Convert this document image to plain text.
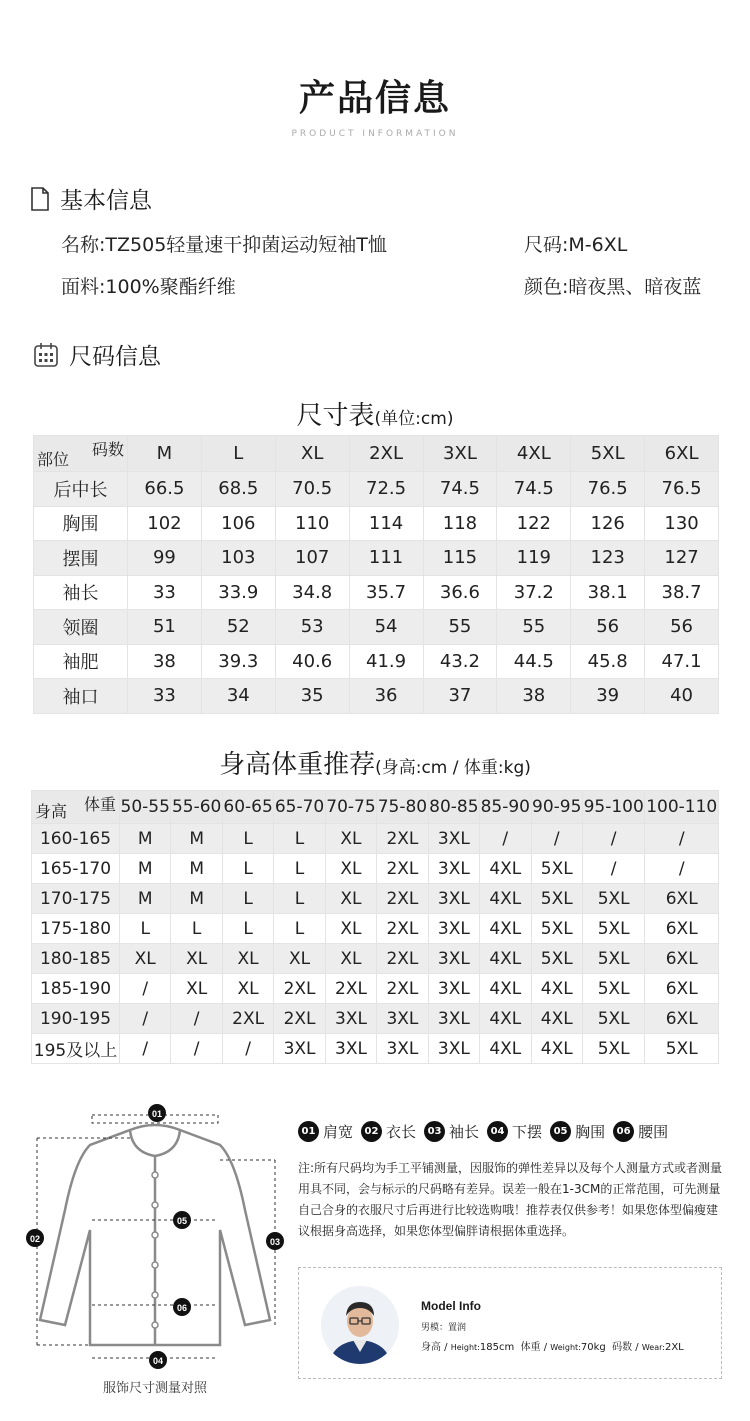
产品信息
PRODUCT INFORMATION
基本信息
名称:TZ505轻量速干抑菌运动短袖T恤	尺码:M-6XL
面料:100%聚酯纤维	颜色:暗夜黑、暗夜蓝
尺码信息
尺寸表(单位:cm)
码数
部位	M	L	XL	2XL	3XL	4XL	5XL	6XL
后中长	66.5	68.5	70.5	72.5	74.5	74.5	76.5	76.5
胸围	102	106	110	114	118	122	126	130
摆围	99	103	107	111	115	119	123	127
袖长	33	33.9	34.8	35.7	36.6	37.2	38.1	38.7
领圈	51	52	53	54	55	55	56	56
袖肥	38	39.3	40.6	41.9	43.2	44.5	45.8	47.1
袖口	33	34	35	36	37	38	39	40
身高体重推荐(身高:cm / 体重:kg)
体重
身高	50-55	55-60	60-65	65-70	70-75	75-80	80-85	85-90	90-95	95-100	100-110
160-165	M	M	L	L	XL	2XL	3XL	/	/	/	/
165-170	M	M	L	L	XL	2XL	3XL	4XL	5XL	/	/
170-175	M	M	L	L	XL	2XL	3XL	4XL	5XL	5XL	6XL
175-180	L	L	L	L	XL	2XL	3XL	4XL	5XL	5XL	6XL
180-185	XL	XL	XL	XL	XL	2XL	3XL	4XL	5XL	5XL	6XL
185-190	/	XL	XL	2XL	2XL	2XL	3XL	4XL	4XL	5XL	6XL
190-195	/	/	2XL	2XL	3XL	3XL	3XL	4XL	4XL	5XL	6XL
195及以上	/	/	/	3XL	3XL	3XL	3XL	4XL	4XL	5XL	5XL
01
02	03
04
05
06
服饰尺寸测量对照
01 肩宽	02 衣长	03 袖长	04 下摆	05 胸围	06 腰围
注:所有尺码均为手工平铺测量，因服饰的弹性差异以及每个人测量方式或者测量用具不同，会与标示的尺码略有差异。误差一般在1-3CM的正常范围，可先测量自己合身的衣服尺寸后再进行比较选购哦！推荐表仅供参考！如果您体型偏瘦建议根据身高选择，如果您体型偏胖请根据体重选择。
Model Info
男模：置润
身高 / Height:185cm 体重 / Weight:70kg 码数 / Wear:2XL
